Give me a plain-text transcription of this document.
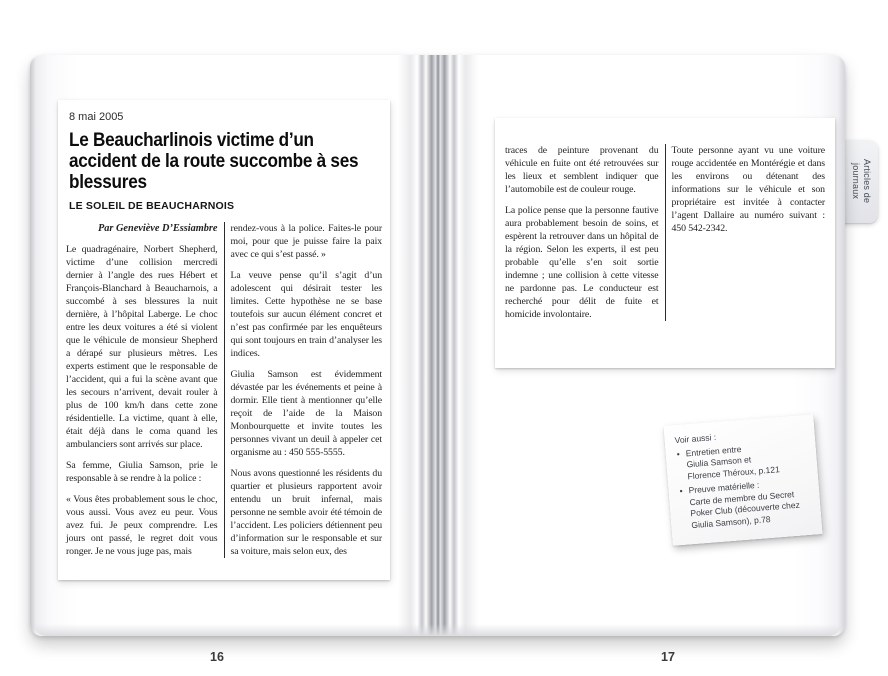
Articles de journaux
8 mai 2005
Le Beaucharlinois victime d’un accident de la route succombe à ses blessures
LE SOLEIL DE BEAUCHARNOIS

Par Geneviève D’Essiambre

Le quadragénaire, Norbert Shepherd, victime d’une collision mercredi dernier à l’angle des rues Hébert et François-Blanchard à Beaucharnois, a succombé à ses blessures la nuit dernière, à l’hôpital Laberge. Le choc entre les deux voitures a été si violent que le véhicule de monsieur Shepherd a dérapé sur plusieurs mètres. Les experts estiment que le responsable de l’accident, qui a fui la scène avant que les secours n’arrivent, devait rouler à plus de 100 km/h dans cette zone résidentielle. La victime, quant à elle, était déjà dans le coma quand les ambulanciers sont arrivés sur place.

Sa femme, Giulia Samson, prie le responsable à se rendre à la police :

« Vous êtes probablement sous le choc, vous aussi. Vous avez eu peur. Vous avez fui. Je peux comprendre. Les jours ont passé, le regret doit vous ronger. Je ne vous juge pas, mais

rendez-vous à la police. Faites-le pour moi, pour que je puisse faire la paix avec ce qui s’est passé. »

La veuve pense qu’il s’agit d’un adolescent qui désirait tester les limites. Cette hypothèse ne se base toutefois sur aucun élément concret et n’est pas confirmée par les enquêteurs qui sont toujours en train d’analyser les indices.

Giulia Samson est évidemment dévastée par les événements et peine à dormir. Elle tient à mentionner qu’elle reçoit de l’aide de la Maison Monbourquette et invite toutes les personnes vivant un deuil à appeler cet organisme au : 450 555-5555.

Nous avons questionné les résidents du quartier et plusieurs rapportent avoir entendu un bruit infernal, mais personne ne semble avoir été témoin de l’accident. Les policiers détiennent peu d’information sur le responsable et sur sa voiture, mais selon eux, des

traces de peinture provenant du véhicule en fuite ont été retrouvées sur les lieux et semblent indiquer que l’automobile est de couleur rouge.

La police pense que la personne fautive aura probablement besoin de soins, et espèrent la retrouver dans un hôpital de la région. Selon les experts, il est peu probable qu’elle s’en soit sortie indemne ; une collision à cette vitesse ne pardonne pas. Le conducteur est recherché pour délit de fuite et homicide involontaire.

Toute personne ayant vu une voiture rouge accidentée en Montérégie et dans les environs ou détenant des informations sur le véhicule et son propriétaire est invitée à contacter l’agent Dallaire au numéro suivant : 450 542-2342.

Voir aussi :
• Entretien entre
Giulia Samson et
Florence Théroux, p.121
• Preuve matérielle :
Carte de membre du Secret
Poker Club (découverte chez
Giulia Samson), p.78
16	17
